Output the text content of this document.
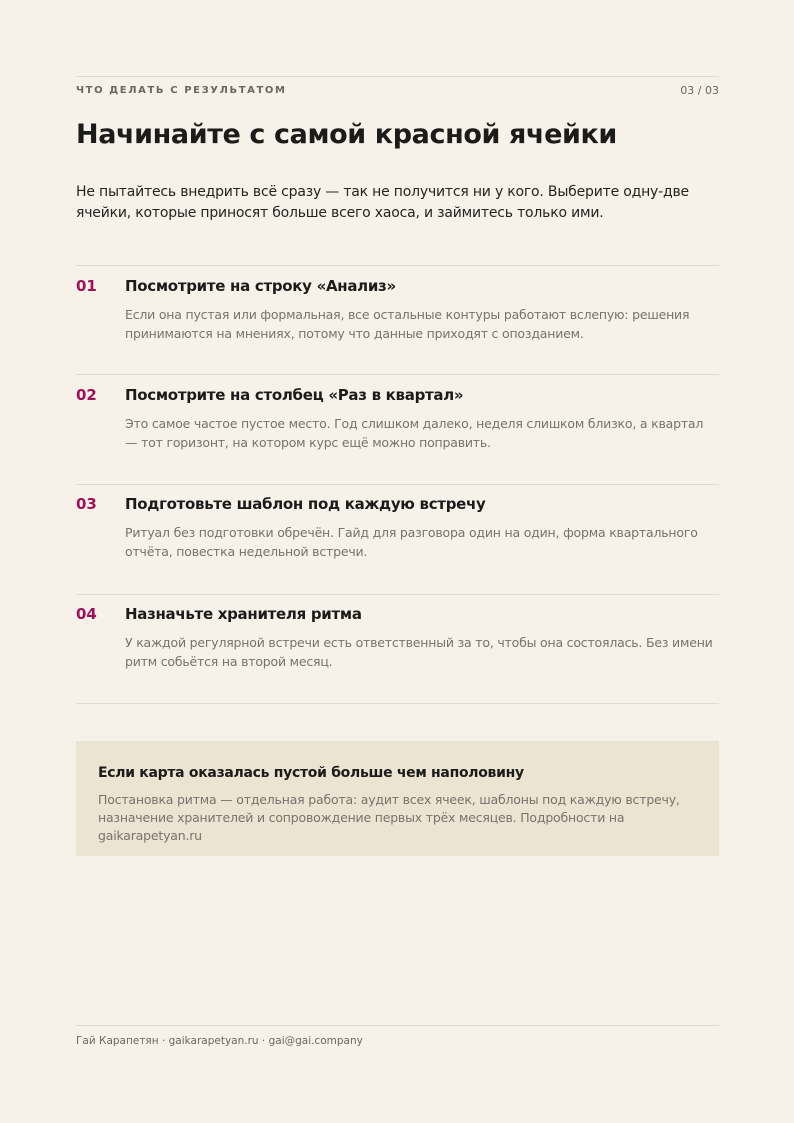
ЧТО ДЕЛАТЬ С РЕЗУЛЬТАТОМ	03 / 03
Начинайте с самой красной ячейки

Не пытайтесь внедрить всё сразу — так не получится ни у кого. Выберите одну-две ячейки, которые приносят больше всего хаоса, и займитесь только ими.

01 Посмотрите на строку «Анализ»

Если она пустая или формальная, все остальные контуры работают вслепую: решения принимаются на мнениях, потому что данные приходят с опозданием.

02 Посмотрите на столбец «Раз в квартал»

Это самое частое пустое место. Год слишком далеко, неделя слишком близко, а квартал — тот горизонт, на котором курс ещё можно поправить.

03 Подготовьте шаблон под каждую встречу

Ритуал без подготовки обречён. Гайд для разговора один на один, форма квартального отчёта, повестка недельной встречи.

04 Назначьте хранителя ритма

У каждой регулярной встречи есть ответственный за то, чтобы она состоялась. Без имени ритм собьётся на второй месяц.

Если карта оказалась пустой больше чем наполовину

Постановка ритма — отдельная работа: аудит всех ячеек, шаблоны под каждую встречу, назначение хранителей и сопровождение первых трёх месяцев. Подробности на gaikarapetyan.ru

Гай Карапетян · gaikarapetyan.ru · gai@gai.company
